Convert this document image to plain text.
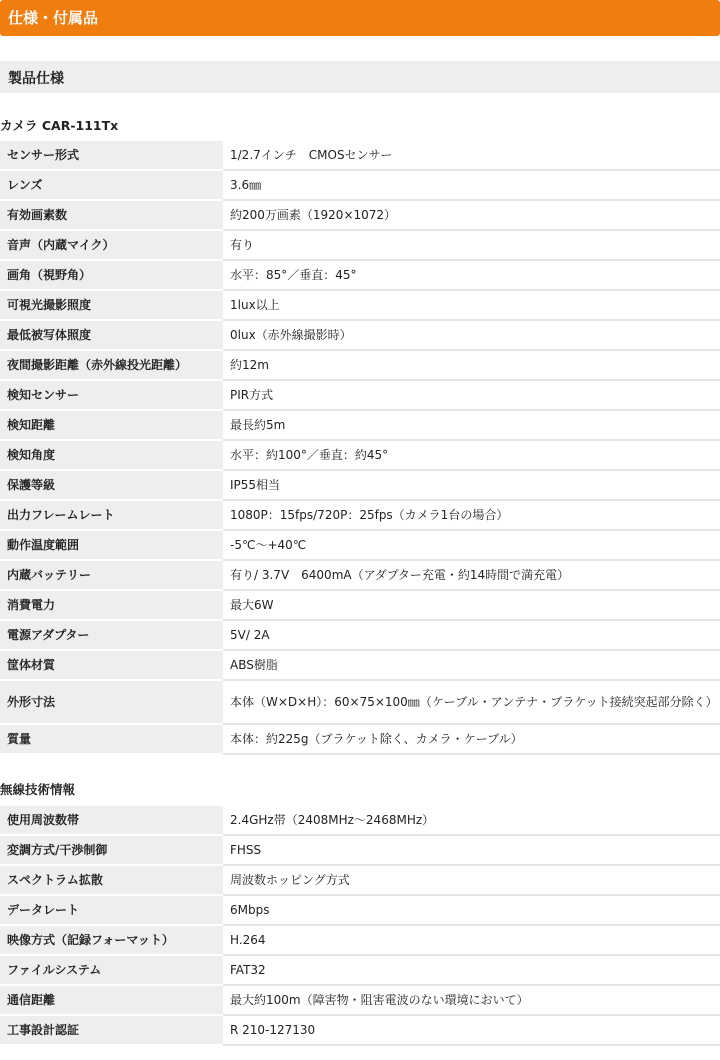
仕様・付属品
製品仕様
カメラ CAR-111Tx
センサー形式	1/2.7インチ　CMOSセンサー
レンズ	3.6㎜
有効画素数	約200万画素（1920×1072）
音声（内蔵マイク）	有り
画角（視野角）	水平：85°／垂直：45°
可視光撮影照度	1lux以上
最低被写体照度	0lux（赤外線撮影時）
夜間撮影距離（赤外線投光距離）	約12m
検知センサー	PIR方式
検知距離	最長約5m
検知角度	水平：約100°／垂直：約45°
保護等級	IP55相当
出力フレームレート	1080P：15fps/720P：25fps（カメラ1台の場合）
動作温度範囲	-5℃～+40℃
内蔵バッテリー	有り/ 3.7V　6400mA（アダプター充電・約14時間で満充電）
消費電力	最大6W
電源アダプター	5V/ 2A
筐体材質	ABS樹脂
外形寸法	本体（W×D×H）：60×75×100㎜（ケーブル・アンテナ・ブラケット接続突起部分除く）
質量	本体：約225g（ブラケット除く、カメラ・ケーブル）
無線技術情報
使用周波数帯	2.4GHz帯（2408MHz～2468MHz）
変調方式/干渉制御	FHSS
スペクトラム拡散	周波数ホッピング方式
データレート	6Mbps
映像方式（記録フォーマット）	H.264
ファイルシステム	FAT32
通信距離	最大約100m（障害物・阻害電波のない環境において）
工事設計認証	R 210-127130
